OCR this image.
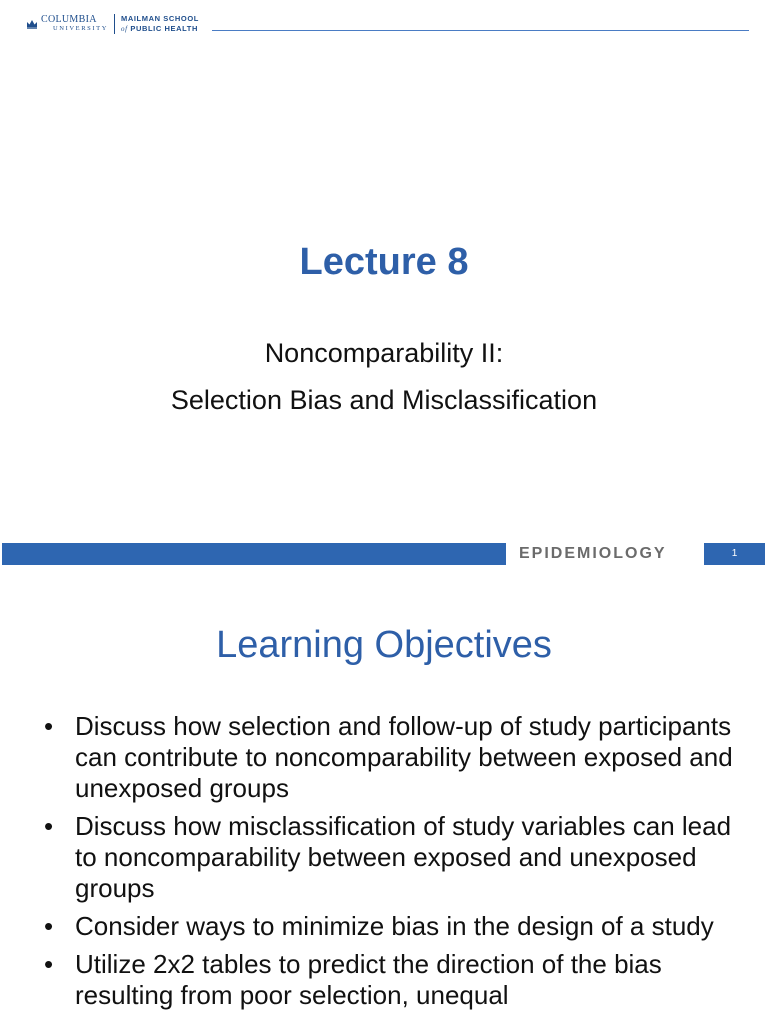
COLUMBIA
UNIVERSITY
MAILMAN SCHOOL
of PUBLIC HEALTH
Lecture 8
Noncomparability II:
Selection Bias and Misclassification
EPIDEMIOLOGY	1
Learning Objectives
• Discuss how selection and follow-up of study participants can contribute to noncomparability between exposed and unexposed groups
• Discuss how misclassification of study variables can lead to noncomparability between exposed and unexposed groups
• Consider ways to minimize bias in the design of a study
• Utilize 2x2 tables to predict the direction of the bias resulting from poor selection, unequal
